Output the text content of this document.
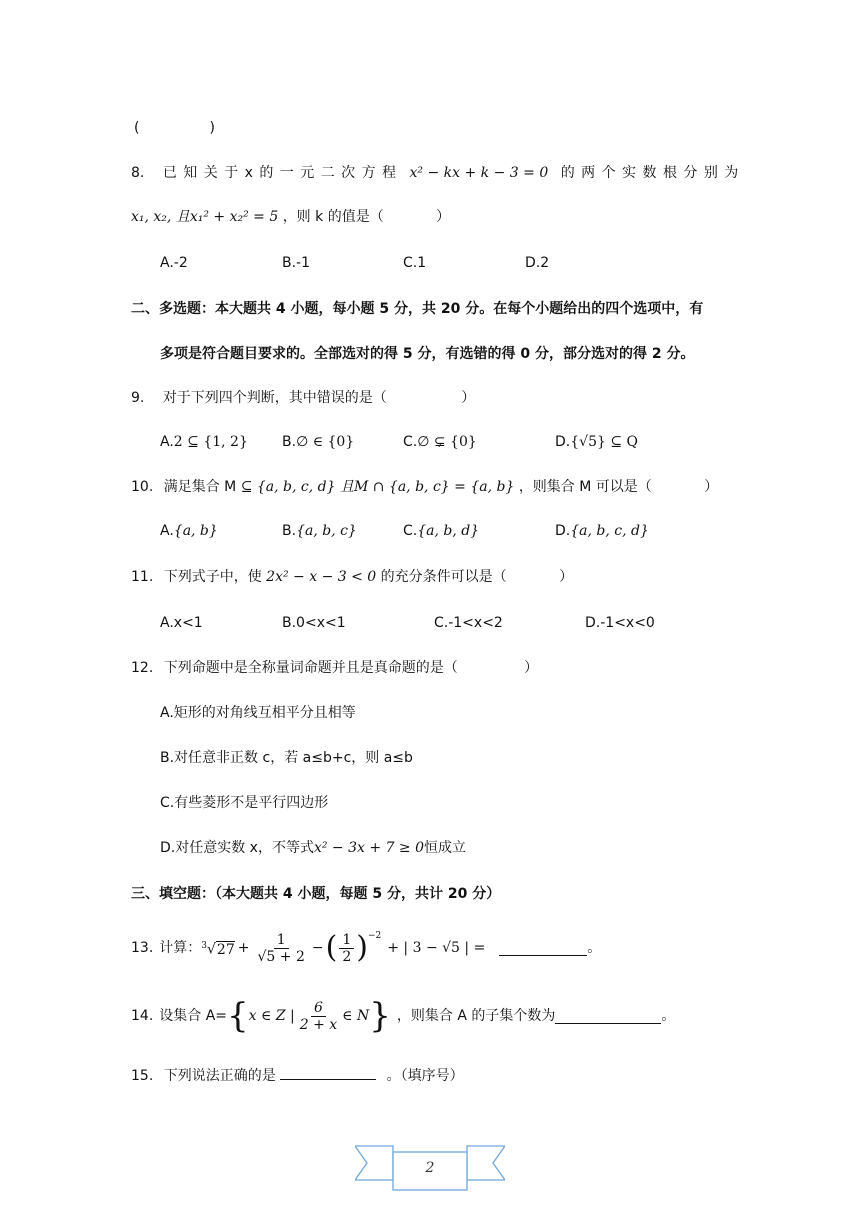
(　　　　　)
8. 已 知 关 于 x 的 一 元 二 次 方 程 x² − kx + k − 3 = 0 的 两 个 实 数 根 分 别 为
x₁, x₂, 且x₁² + x₂² = 5 ，则 k 的值是（	）
A.-2	B.-1	C.1	D.2
二、多选题：本大题共 4 小题，每小题 5 分，共 20 分。在每个小题给出的四个选项中，有
多项是符合题目要求的。全部选对的得 5 分，有选错的得 0 分，部分选对的得 2 分。
9. 对于下列四个判断，其中错误的是（	）
A.2 ⊆ {1, 2} B.∅ ∈ {0}	C.∅ ⊊ {0}	D.{√5} ⊆ Q
10. 满足集合 M ⊆ {a, b, c, d} 且M ∩ {a, b, c} = {a, b} ，则集合 M 可以是（	）
A.{a, b}	B.{a, b, c}	C.{a, b, d}	D.{a, b, c, d}
11. 下列式子中，使 2x² − x − 3 < 0 的充分条件可以是（	）
A.x<1	B.0<x<1	C.-1<x<2	D.-1<x<0
12. 下列命题中是全称量词命题并且是真命题的是（	）
A.矩形的对角线互相平分且相等
B.对任意非正数 c，若 a≤b+c，则 a≤b
C.有些菱形不是平行四边形
D.对任意实数 x，不等式x² − 3x + 7 ≥ 0恒成立
三、填空题：（本大题共 4 小题，每题 5 分，共计 20 分）
13. 计算： $^3√27 + \frac{1}{√5 + 2}$ − ( $\frac{1}{2} )^{-2}$
+ | 3 − √5 | =	。
14. 设集合 A= { x ∈ Z | $\frac{6}{2 + x}$ ∈ N } ，则集合 A 的子集个数为	。
15. 下列说法正确的是	。（填序号）
2
